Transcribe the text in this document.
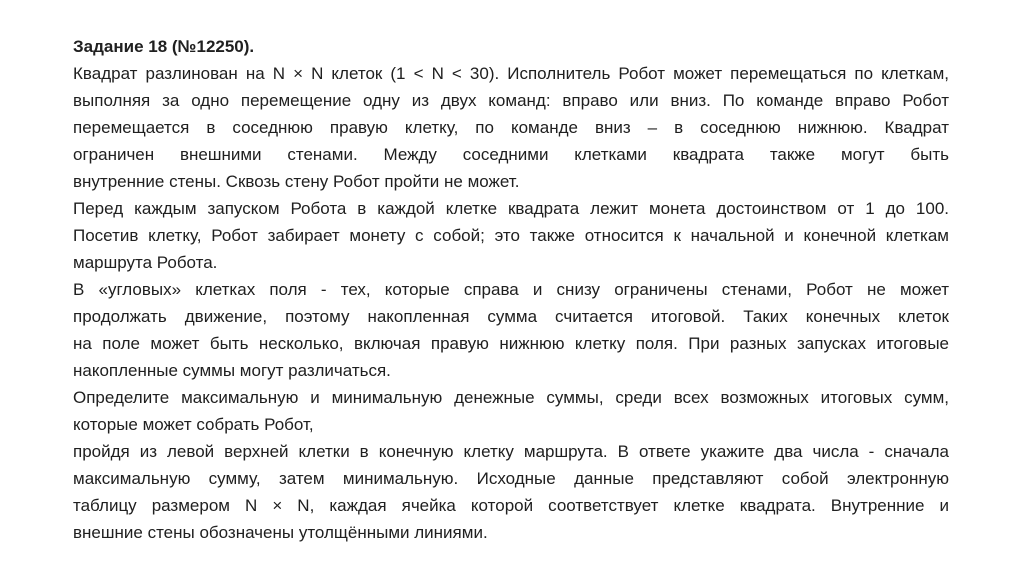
Задание 18 (№12250).

Квадрат разлинован на N × N клеток (1 < N < 30). Исполнитель Робот может перемещаться по клеткам,
выполняя за одно перемещение одну из двух команд: вправо или вниз. По команде вправо Робот
перемещается в соседнюю правую клетку, по команде вниз – в соседнюю нижнюю. Квадрат
ограничен внешними стенами. Между соседними клетками квадрата также могут быть
внутренние стены. Сквозь стену Робот пройти не может.

Перед каждым запуском Робота в каждой клетке квадрата лежит монета достоинством от 1 до 100.
Посетив клетку, Робот забирает монету с собой; это также относится к начальной и конечной клеткам
маршрута Робота.

В «угловых» клетках поля - тех, которые справа и снизу ограничены стенами, Робот не может
продолжать движение, поэтому накопленная сумма считается итоговой. Таких конечных клеток
на поле может быть несколько, включая правую нижнюю клетку поля. При разных запусках итоговые
накопленные суммы могут различаться.

Определите максимальную и минимальную денежные суммы, среди всех возможных итоговых сумм,
которые может собрать Робот,

пройдя из левой верхней клетки в конечную клетку маршрута. В ответе укажите два числа - сначала
максимальную сумму, затем минимальную. Исходные данные представляют собой электронную
таблицу размером N × N, каждая ячейка которой соответствует клетке квадрата. Внутренние и
внешние стены обозначены утолщёнными линиями.
